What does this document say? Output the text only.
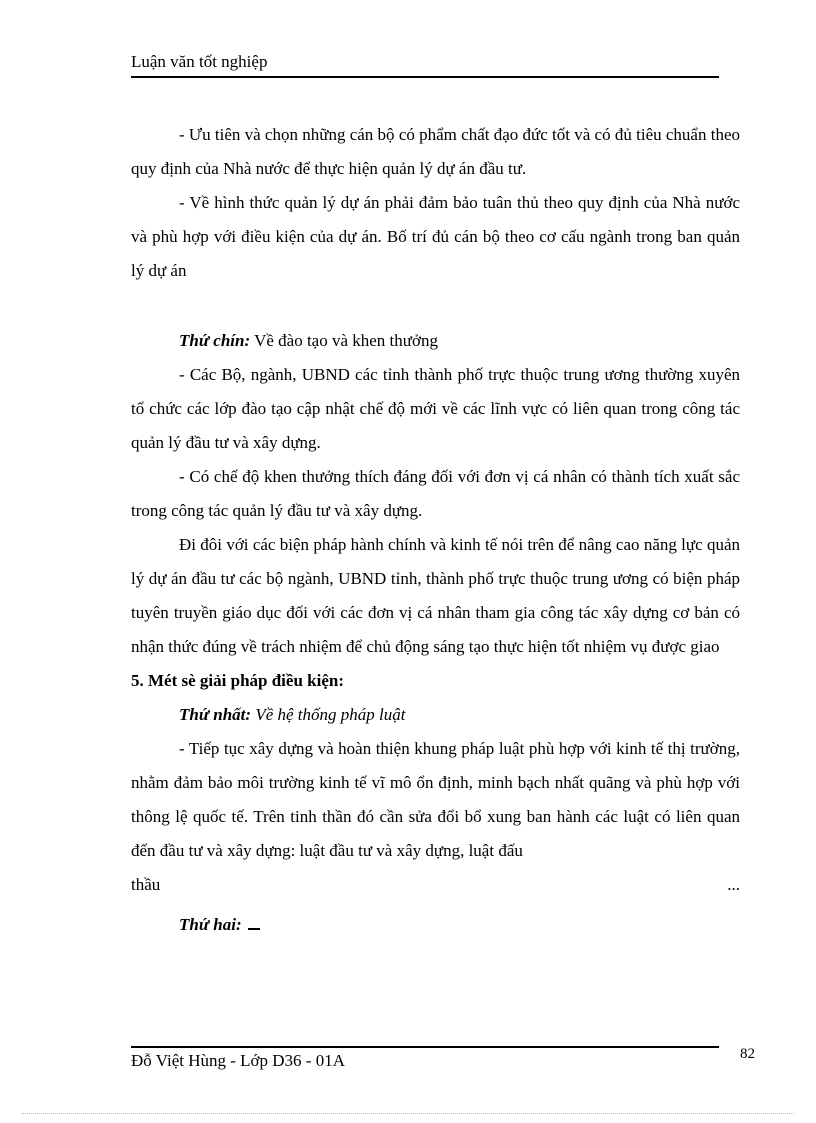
Luận văn tốt nghiệp

- Ưu tiên và chọn những cán bộ có phẩm chất đạo đức tốt và có đủ tiêu chuẩn theo quy định của Nhà nước để thực hiện quản lý dự án đầu tư.

- Về hình thức quản lý dự án phải đảm bảo tuân thủ theo quy định của Nhà nước và phù hợp với điều kiện của dự án. Bố trí đủ cán bộ theo cơ cấu ngành trong ban quản lý dự án

Thứ chín: Về đào tạo và khen thưởng

- Các Bộ, ngành, UBND các tỉnh thành phố trực thuộc trung ương thường xuyên tổ chức các lớp đào tạo cập nhật chế độ mới về các lĩnh vực có liên quan trong công tác quản lý đầu tư và xây dựng.

- Có chế độ khen thưởng thích đáng đối với đơn vị cá nhân có thành tích xuất sắc trong công tác quản lý đầu tư và xây dựng.

Đi đôi với các biện pháp hành chính và kinh tế nói trên để nâng cao năng lực quản lý dự án đầu tư các bộ ngành, UBND tỉnh, thành phố trực thuộc trung ương có biện pháp tuyên truyền giáo dục đối với các đơn vị cá nhân tham gia công tác xây dựng cơ bản có nhận thức đúng về trách nhiệm để chủ động sáng tạo thực hiện tốt nhiệm vụ được giao

5. Mét sè giải pháp điều kiện:

Thứ nhất: Về hệ thống pháp luật

- Tiếp tục xây dựng và hoàn thiện khung pháp luật phù hợp với kinh tế thị trường, nhằm đảm bảo môi trường kinh tế vĩ mô ổn định, minh bạch nhất quãng và phù hợp với thông lệ quốc tế. Trên tinh thần đó cần sửa đổi bổ xung ban hành các luật có liên quan đến đầu tư và xây dựng: luật đầu tư và xây dựng, luật đấu

thầu	...

Thứ hai:

Đỗ Việt Hùng - Lớp D36 - 01A	82
